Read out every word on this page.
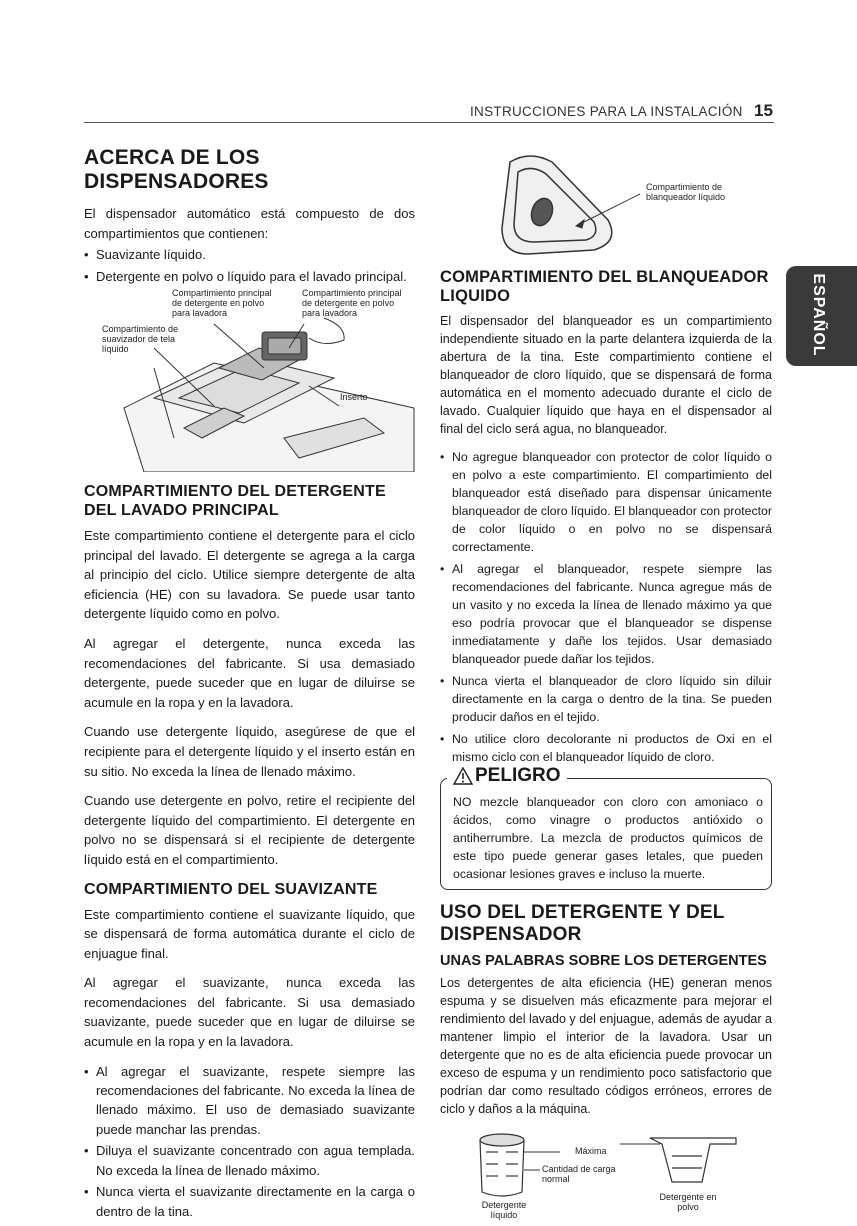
INSTRUCCIONES PARA LA INSTALACIÓN 15
ESPAÑOL
ACERCA DE LOS DISPENSADORES
El dispensador automático está compuesto de dos compartimientos que contienen:
• Suavizante líquido.
• Detergente en polvo o líquido para el lavado principal.
Compartimiento principal de detergente en polvo para lavadora
Compartimiento principal de detergente en polvo para lavadora
Compartimiento de suavizador de tela líquido
Inserto
COMPARTIMIENTO DEL DETERGENTE DEL LAVADO PRINCIPAL
Este compartimiento contiene el detergente para el ciclo principal del lavado. El detergente se agrega a la carga al principio del ciclo. Utilice siempre detergente de alta eficiencia (HE) con su lavadora. Se puede usar tanto detergente líquido como en polvo.
Al agregar el detergente, nunca exceda las recomendaciones del fabricante. Si usa demasiado detergente, puede suceder que en lugar de diluirse se acumule en la ropa y en la lavadora.
Cuando use detergente líquido, asegúrese de que el recipiente para el detergente líquido y el inserto están en su sitio. No exceda la línea de llenado máximo.
Cuando use detergente en polvo, retire el recipiente del detergente líquido del compartimiento. El detergente en polvo no se dispensará si el recipiente de detergente líquido está en el compartimiento.
COMPARTIMIENTO DEL SUAVIZANTE
Este compartimiento contiene el suavizante líquido, que se dispensará de forma automática durante el ciclo de enjuague final.
Al agregar el suavizante, nunca exceda las recomendaciones del fabricante. Si usa demasiado suavizante, puede suceder que en lugar de diluirse se acumule en la ropa y en la lavadora.
• Al agregar el suavizante, respete siempre las recomendaciones del fabricante. No exceda la línea de llenado máximo. El uso de demasiado suavizante puede manchar las prendas.
• Diluya el suavizante concentrado con agua templada. No exceda la línea de llenado máximo.
• Nunca vierta el suavizante directamente en la carga o dentro de la tina.
Compartimiento de blanqueador líquido
COMPARTIMIENTO DEL BLANQUEADOR LIQUIDO
El dispensador del blanqueador es un compartimiento independiente situado en la parte delantera izquierda de la abertura de la tina. Este compartimiento contiene el blanqueador de cloro líquido, que se dispensará de forma automática en el momento adecuado durante el ciclo de lavado. Cualquier líquido que haya en el dispensador al final del ciclo será agua, no blanqueador.
• No agregue blanqueador con protector de color líquido o en polvo a este compartimiento. El compartimiento del blanqueador está diseñado para dispensar únicamente blanqueador de cloro líquido. El blanqueador con protector de color líquido o en polvo no se dispensará correctamente.
• Al agregar el blanqueador, respete siempre las recomendaciones del fabricante. Nunca agregue más de un vasito y no exceda la línea de llenado máximo ya que eso podría provocar que el blanqueador se dispense inmediatamente y dañe los tejidos. Usar demasiado blanqueador puede dañar los tejidos.
• Nunca vierta el blanqueador de cloro líquido sin diluir directamente en la carga o dentro de la tina. Se pueden producir daños en el tejido.
• No utilice cloro decolorante ni productos de Oxi en el mismo ciclo con el blanqueador líquido de cloro.
PELIGRO
NO mezcle blanqueador con cloro con amoniaco o ácidos, como vinagre o productos antióxido o antiherrumbre. La mezcla de productos químicos de este tipo puede generar gases letales, que pueden ocasionar lesiones graves e incluso la muerte.
USO DEL DETERGENTE Y DEL DISPENSADOR
UNAS PALABRAS SOBRE LOS DETERGENTES
Los detergentes de alta eficiencia (HE) generan menos espuma y se disuelven más eficazmente para mejorar el rendimiento del lavado y del enjuague, además de ayudar a mantener limpio el interior de la lavadora. Usar un detergente que no es de alta eficiencia puede provocar un exceso de espuma y un rendimiento poco satisfactorio que podrían dar como resultado códigos erróneos, errores de ciclo y daños a la máquina.
Máxima
Cantidad de carga normal
Detergente líquido
Detergente en polvo
